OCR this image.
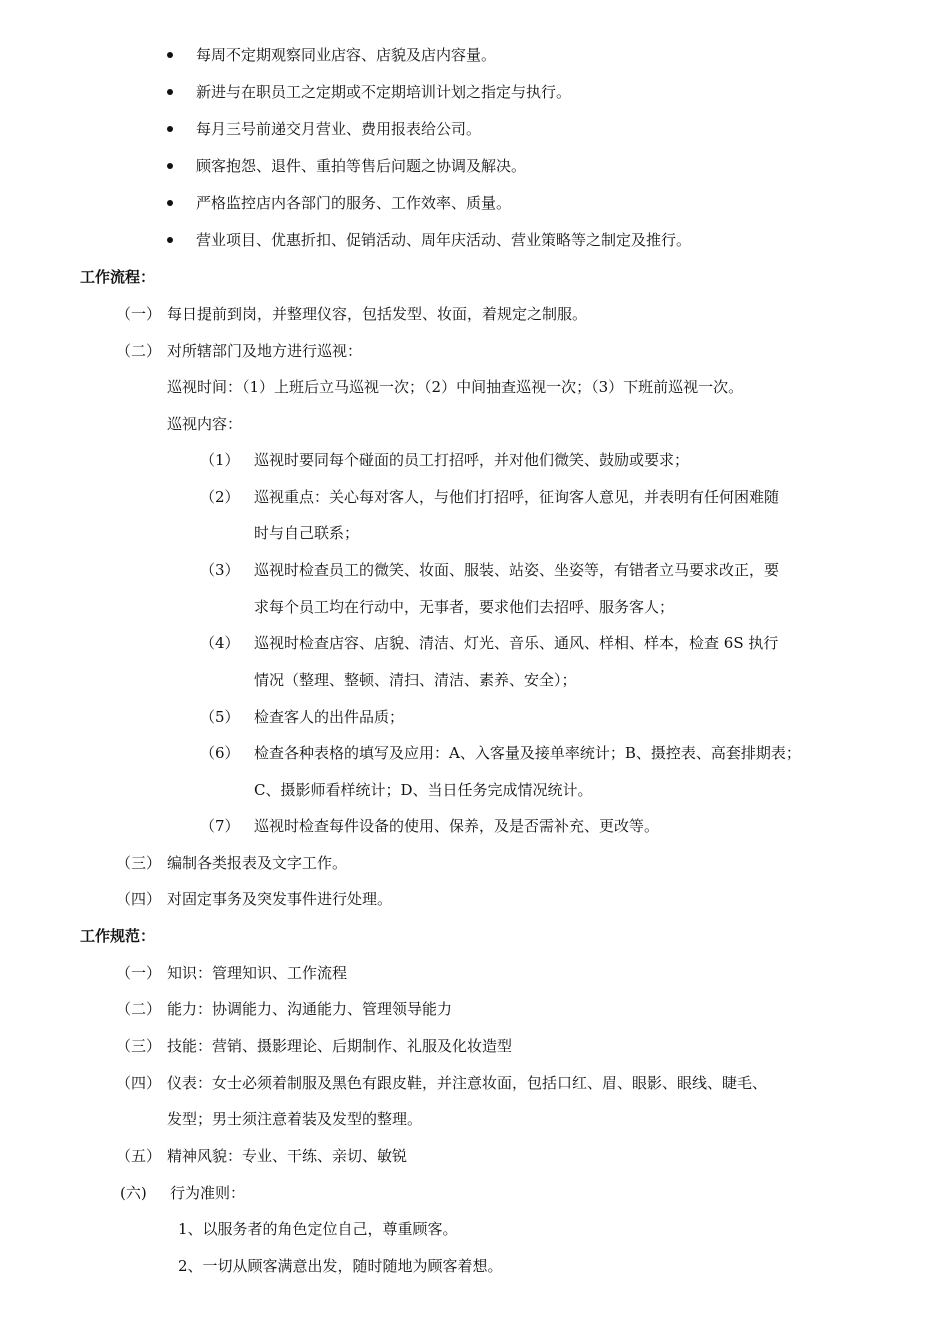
每周不定期观察同业店容、店貌及店内容量。
新进与在职员工之定期或不定期培训计划之指定与执行。
每月三号前递交月营业、费用报表给公司。
顾客抱怨、退件、重拍等售后问题之协调及解决。
严格监控店内各部门的服务、工作效率、质量。
营业项目、优惠折扣、促销活动、周年庆活动、营业策略等之制定及推行。
工作流程：
（一） 每日提前到岗，并整理仪容，包括发型、妆面，着规定之制服。
（二） 对所辖部门及地方进行巡视：
巡视时间：（1）上班后立马巡视一次；（2）中间抽查巡视一次；（3）下班前巡视一次。
巡视内容：
（1） 巡视时要同每个碰面的员工打招呼，并对他们微笑、鼓励或要求；
（2） 巡视重点：关心每对客人，与他们打招呼，征询客人意见，并表明有任何困难随
时与自己联系；
（3） 巡视时检查员工的微笑、妆面、服装、站姿、坐姿等，有错者立马要求改正，要
求每个员工均在行动中，无事者，要求他们去招呼、服务客人；
（4） 巡视时检查店容、店貌、清洁、灯光、音乐、通风、样相、样本，检查 6S 执行
情况（整理、整顿、清扫、清洁、素养、安全）；
（5） 检查客人的出件品质；
（6） 检查各种表格的填写及应用：A、入客量及接单率统计；B、摄控表、高套排期表；
C、摄影师看样统计；D、当日任务完成情况统计。
（7） 巡视时检查每件设备的使用、保养，及是否需补充、更改等。
（三） 编制各类报表及文字工作。
（四） 对固定事务及突发事件进行处理。
工作规范：
（一） 知识：管理知识、工作流程
（二） 能力：协调能力、沟通能力、管理领导能力
（三） 技能：营销、摄影理论、后期制作、礼服及化妆造型
（四） 仪表：女士必须着制服及黑色有跟皮鞋，并注意妆面，包括口红、眉、眼影、眼线、睫毛、
发型；男士须注意着装及发型的整理。
（五） 精神风貌：专业、干练、亲切、敏锐
(六) 行为准则：
1、以服务者的角色定位自己，尊重顾客。
2、一切从顾客满意出发，随时随地为顾客着想。
